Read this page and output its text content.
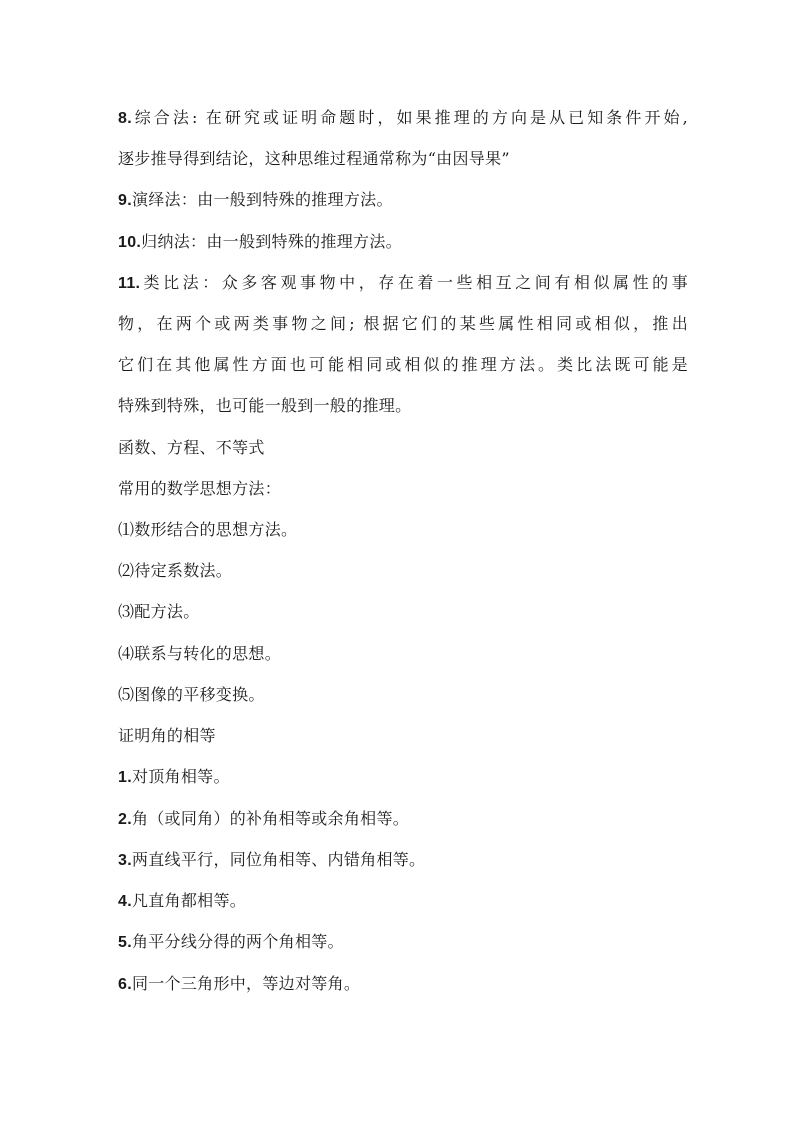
8.综合法: 在研究或证明命题时，如果推理的方向是从已知条件开始,
逐步推导得到结论，这种思维过程通常称为“由因导果”
9.演绎法：由一般到特殊的推理方法。
10.归纳法：由一般到特殊的推理方法。
11.类比法：众多客观事物中，存在着一些相互之间有相似属性的事
物，在两个或两类事物之间; 根据它们的某些属性相同或相似，推出
它们在其他属性方面也可能相同或相似的推理方法。类比法既可能是
特殊到特殊，也可能一般到一般的推理。
函数、方程、不等式
常用的数学思想方法：
⑴数形结合的思想方法。
⑵待定系数法。
⑶配方法。
⑷联系与转化的思想。
⑸图像的平移变换。
证明角的相等
1.对顶角相等。
2.角（或同角）的补角相等或余角相等。
3.两直线平行，同位角相等、内错角相等。
4.凡直角都相等。
5.角平分线分得的两个角相等。
6.同一个三角形中，等边对等角。
